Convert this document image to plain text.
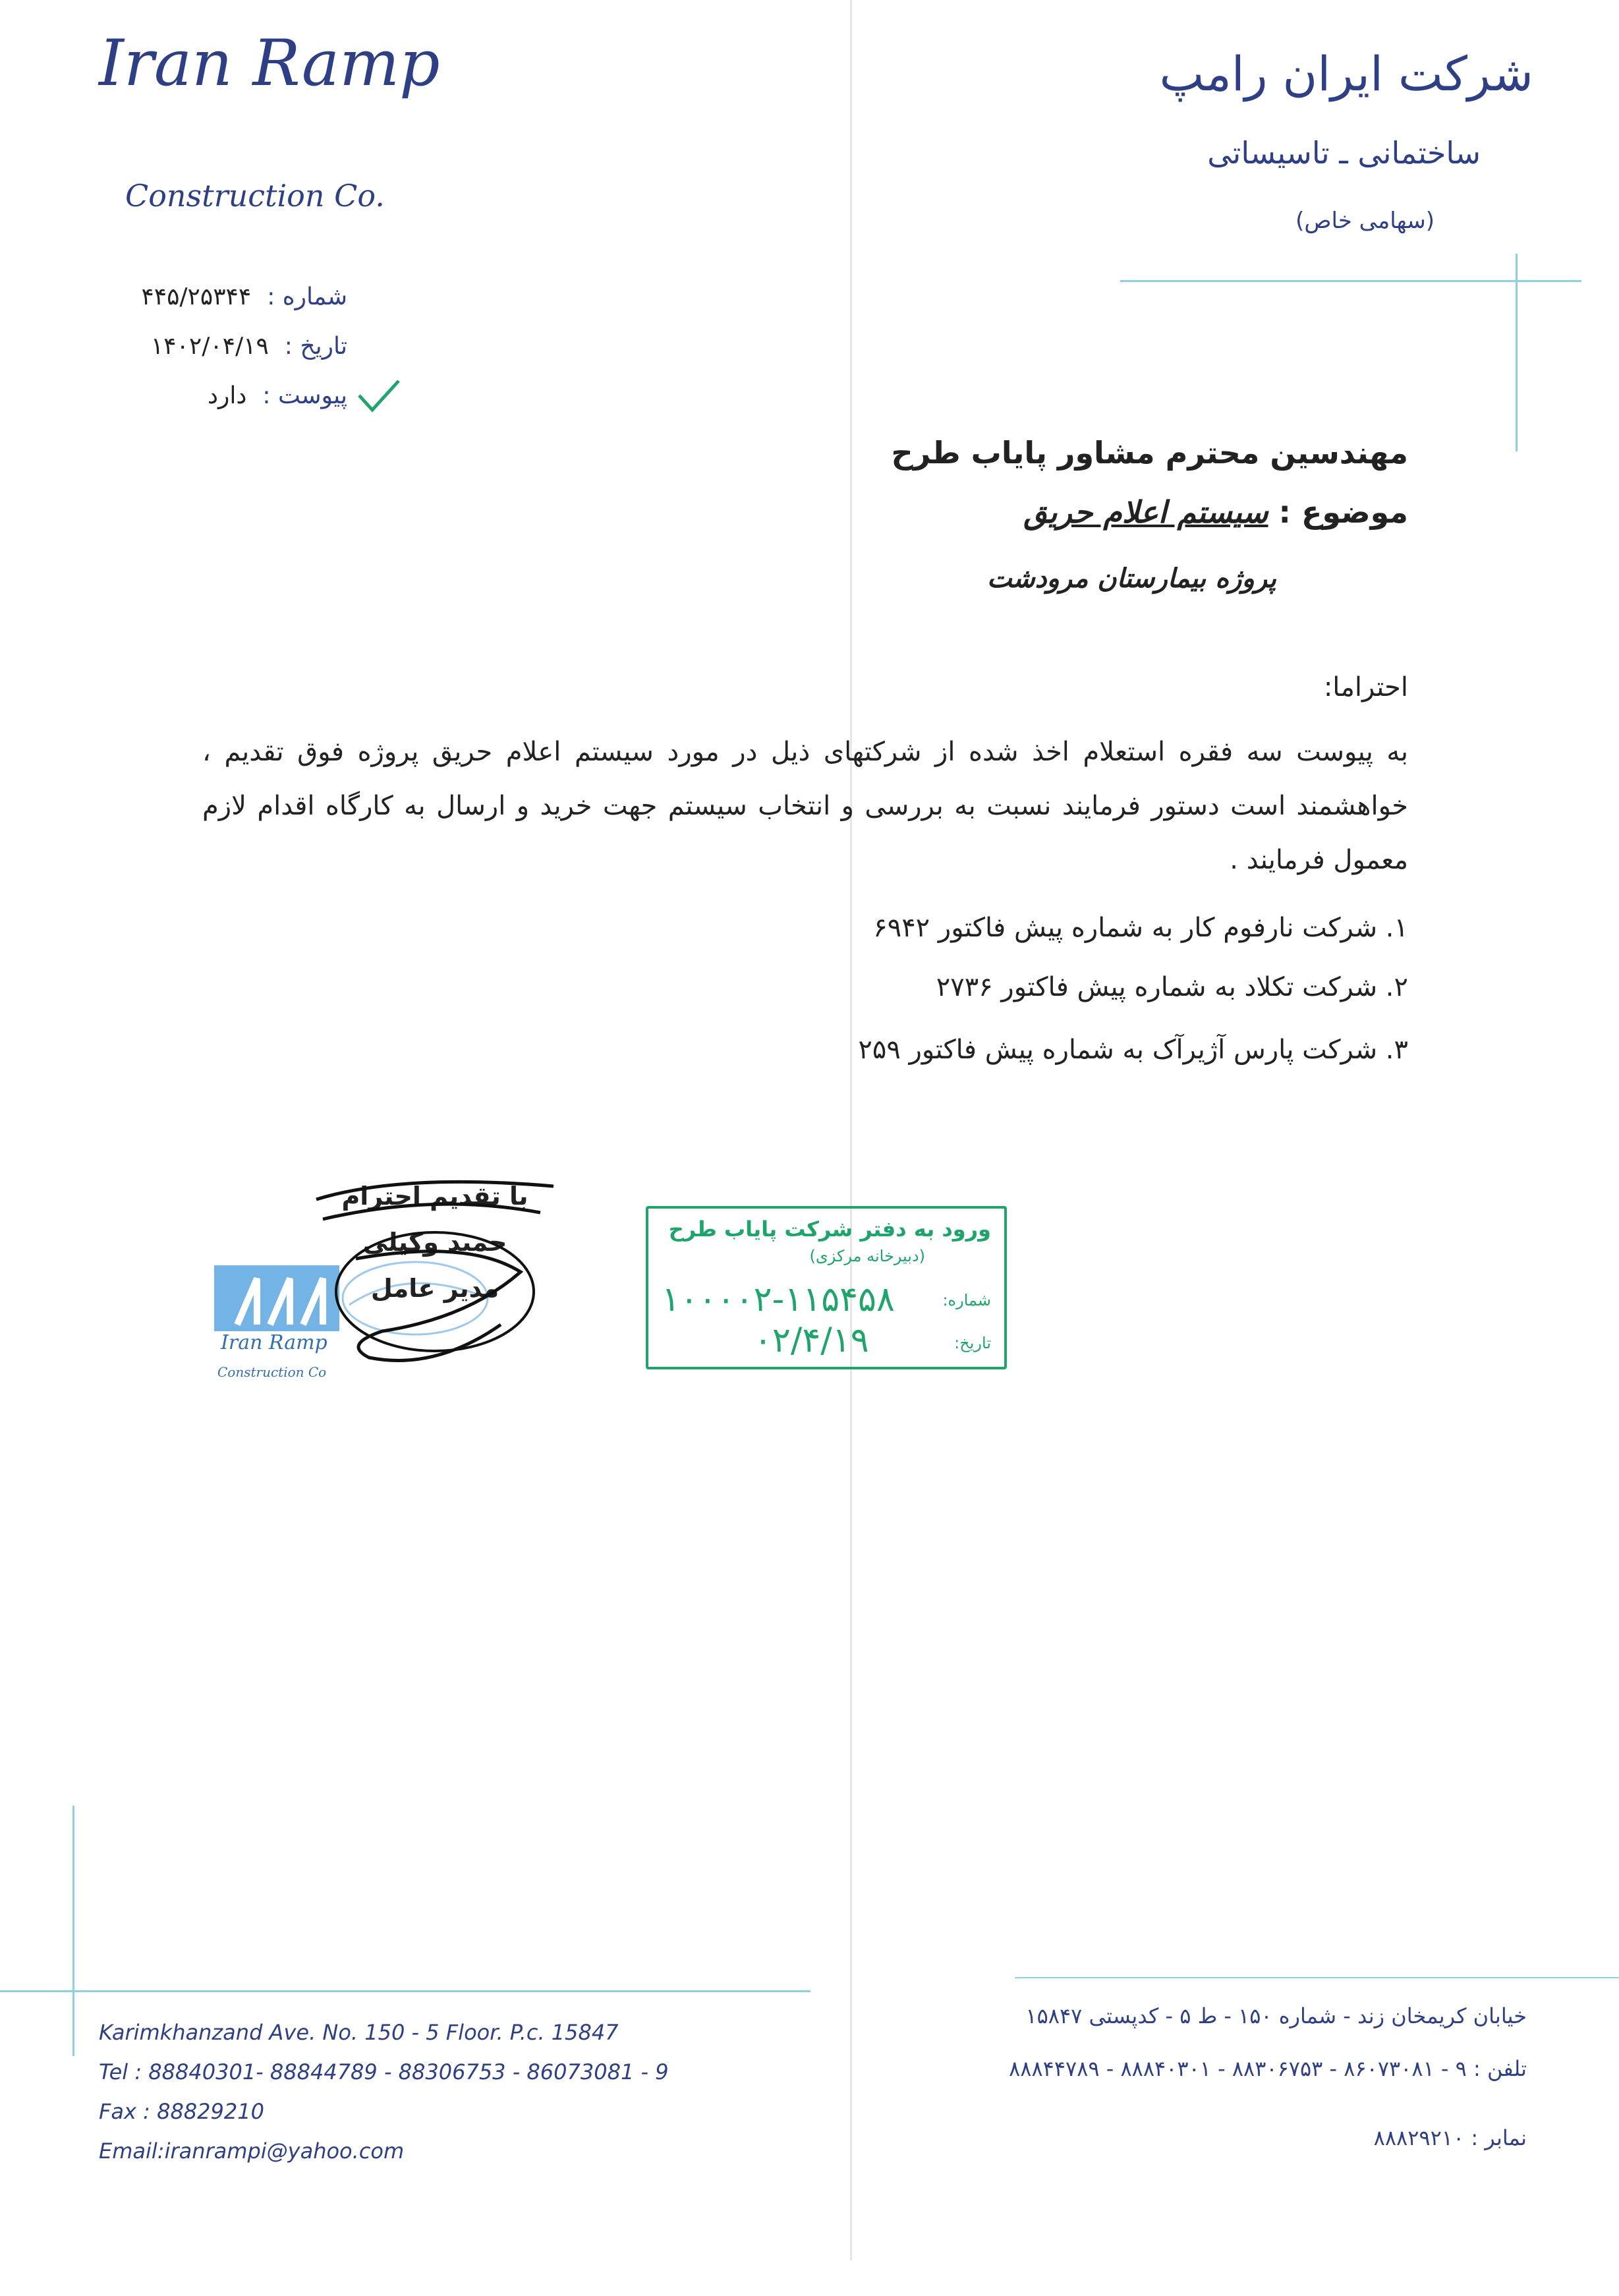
Iran Ramp
Construction Co.
شرکت ایران رامپ
ساختمانی ـ تاسیساتی
(سهامی خاص)
شماره :
۴۴۵/۲۵۳۴۴
تاریخ :
۱۴۰۲/۰۴/۱۹
پیوست :
دارد
مهندسین محترم مشاور پایاب طرح
موضوع : سیستم اعلام حریق
پروژه بیمارستان مرودشت
احتراما:
به پیوست سه فقره استعلام اخذ شده از شرکتهای ذیل در مورد سیستم اعلام حریق پروژه فوق تقدیم ، خواهشمند است دستور فرمایند نسبت به بررسی و انتخاب سیستم جهت خرید و ارسال به کارگاه اقدام لازم معمول فرمایند .
۱. شرکت نارفوم کار به شماره پیش فاکتور ۶۹۴۲
۲. شرکت تکلاد به شماره پیش فاکتور ۲۷۳۶
۳. شرکت پارس آژیرآک به شماره پیش فاکتور ۲۵۹
Iran Ramp
Construction Co
با تقدیم احترام
حمید وکیلی
مدیر عامل
ورود به دفتر شرکت پایاب طرح
(دبیرخانه مرکزی)
شماره:
۱۰۰۰۰۲-۱۱۵۴۵۸
تاریخ:
۰۲/۴/۱۹
Karimkhanzand Ave. No. 150 - 5 Floor. P.c. 15847
Tel : 88840301- 88844789 - 88306753 - 86073081 - 9
Fax : 88829210
Email:iranrampi@yahoo.com
خیابان کریمخان زند - شماره ۱۵۰ - ط ۵ - کدپستی ۱۵۸۴۷
تلفن : ۹ - ۸۶۰۷۳۰۸۱ - ۸۸۳۰۶۷۵۳ - ۸۸۸۴۰۳۰۱ - ۸۸۸۴۴۷۸۹
نمابر : ۸۸۸۲۹۲۱۰
